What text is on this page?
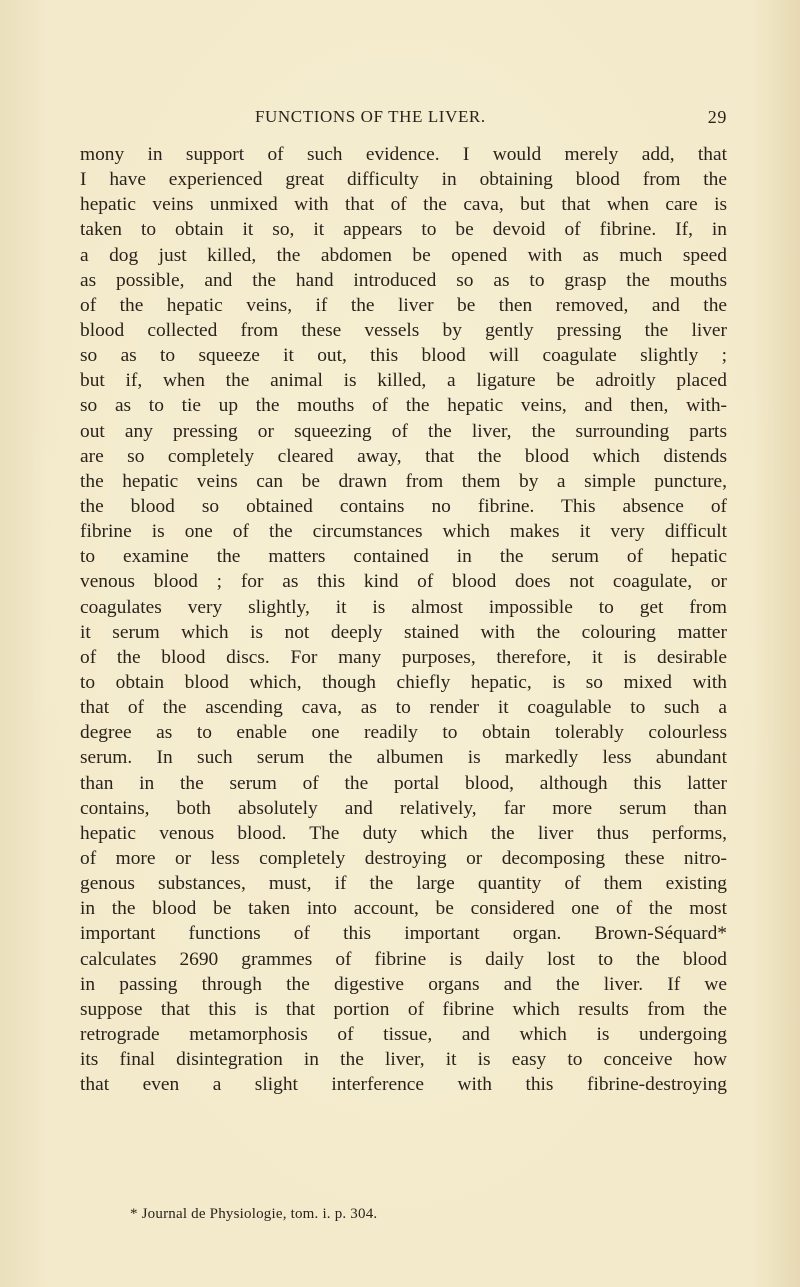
FUNCTIONS OF THE LIVER.	29
mony in support of such evidence. I would merely add, that
I have experienced great difficulty in obtaining blood from the
hepatic veins unmixed with that of the cava, but that when care is
taken to obtain it so, it appears to be devoid of fibrine. If, in
a dog just killed, the abdomen be opened with as much speed
as possible, and the hand introduced so as to grasp the mouths
of the hepatic veins, if the liver be then removed, and the
blood collected from these vessels by gently pressing the liver
so as to squeeze it out, this blood will coagulate slightly ;
but if, when the animal is killed, a ligature be adroitly placed
so as to tie up the mouths of the hepatic veins, and then, with-
out any pressing or squeezing of the liver, the surrounding parts
are so completely cleared away, that the blood which distends
the hepatic veins can be drawn from them by a simple puncture,
the blood so obtained contains no fibrine. This absence of
fibrine is one of the circumstances which makes it very difficult
to examine the matters contained in the serum of hepatic
venous blood ; for as this kind of blood does not coagulate, or
coagulates very slightly, it is almost impossible to get from
it serum which is not deeply stained with the colouring matter
of the blood discs. For many purposes, therefore, it is desirable
to obtain blood which, though chiefly hepatic, is so mixed with
that of the ascending cava, as to render it coagulable to such a
degree as to enable one readily to obtain tolerably colourless
serum. In such serum the albumen is markedly less abundant
than in the serum of the portal blood, although this latter
contains, both absolutely and relatively, far more serum than
hepatic venous blood. The duty which the liver thus performs,
of more or less completely destroying or decomposing these nitro-
genous substances, must, if the large quantity of them existing
in the blood be taken into account, be considered one of the most
important functions of this important organ. Brown-Séquard*
calculates 2690 grammes of fibrine is daily lost to the blood
in passing through the digestive organs and the liver. If we
suppose that this is that portion of fibrine which results from the
retrograde metamorphosis of tissue, and which is undergoing
its final disintegration in the liver, it is easy to conceive how
that even a slight interference with this fibrine-destroying
* Journal de Physiologie, tom. i. p. 304.
